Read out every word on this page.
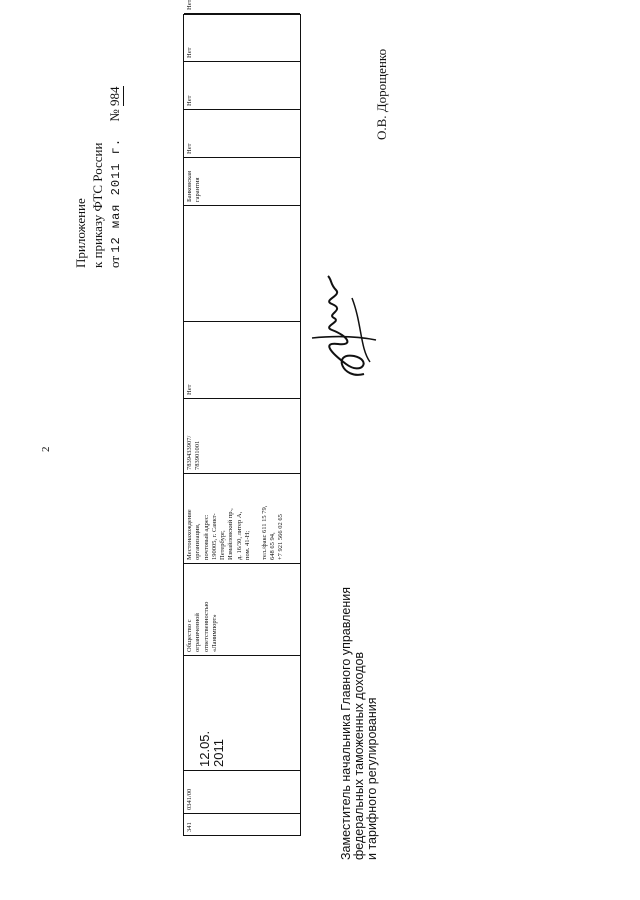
2
Приложение к приказу ФТС России от 12 мая 2011 г.     № 984
341
0341/00
12.05. 2011
Общество с ограниченной ответственностью «Ланимпорт»
Местонахождение организации, почтовый адрес: 190005, г. Санкт- Петербург, Измайловский пр., д. 16/30, литер А, пом. 41-Н;
тел./факс 611 15 79, 648 65 94, +7 921 566 02 65
7839433907/ 783901001
Нет
Банковская гарантия
Нет
Нет
Нет
Нет
Заместитель начальника Главного управления федеральных таможенных доходов и тарифного регулирования
О.В. Дорощенко
